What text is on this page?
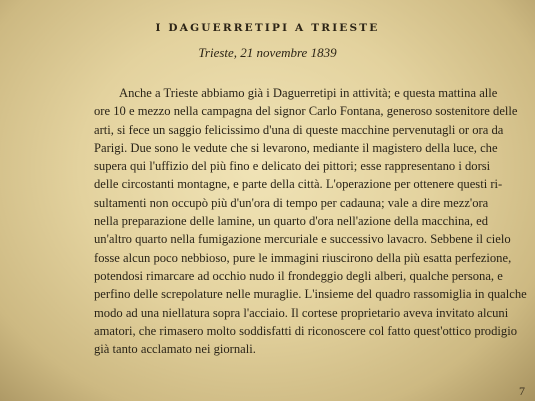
I DAGUERRETIPI A TRIESTE
Trieste, 21 novembre 1839
Anche a Trieste abbiamo già i Daguerretipi in attività; e questa mattina alle
ore 10 e mezzo nella campagna del signor Carlo Fontana, generoso sostenitore delle
arti, si fece un saggio felicissimo d'una di queste macchine pervenutagli or ora da
Parigi. Due sono le vedute che si levarono, mediante il magistero della luce, che
supera qui l'uffizio del più fino e delicato dei pittori; esse rappresentano i dorsi
delle circostanti montagne, e parte della città. L'operazione per ottenere questi ri-
sultamenti non occupò più d'un'ora di tempo per cadauna; vale a dire mezz'ora
nella preparazione delle lamine, un quarto d'ora nell'azione della macchina, ed
un'altro quarto nella fumigazione mercuriale e successivo lavacro. Sebbene il cielo
fosse alcun poco nebbioso, pure le immagini riuscirono della più esatta perfezione,
potendosi rimarcare ad occhio nudo il frondeggio degli alberi, qualche persona, e
perfino delle screpolature nelle muraglie. L'insieme del quadro rassomiglia in qualche
modo ad una niellatura sopra l'acciaio. Il cortese proprietario aveva invitato alcuni
amatori, che rimasero molto soddisfatti di riconoscere col fatto quest'ottico prodigio
già tanto acclamato nei giornali.
7
